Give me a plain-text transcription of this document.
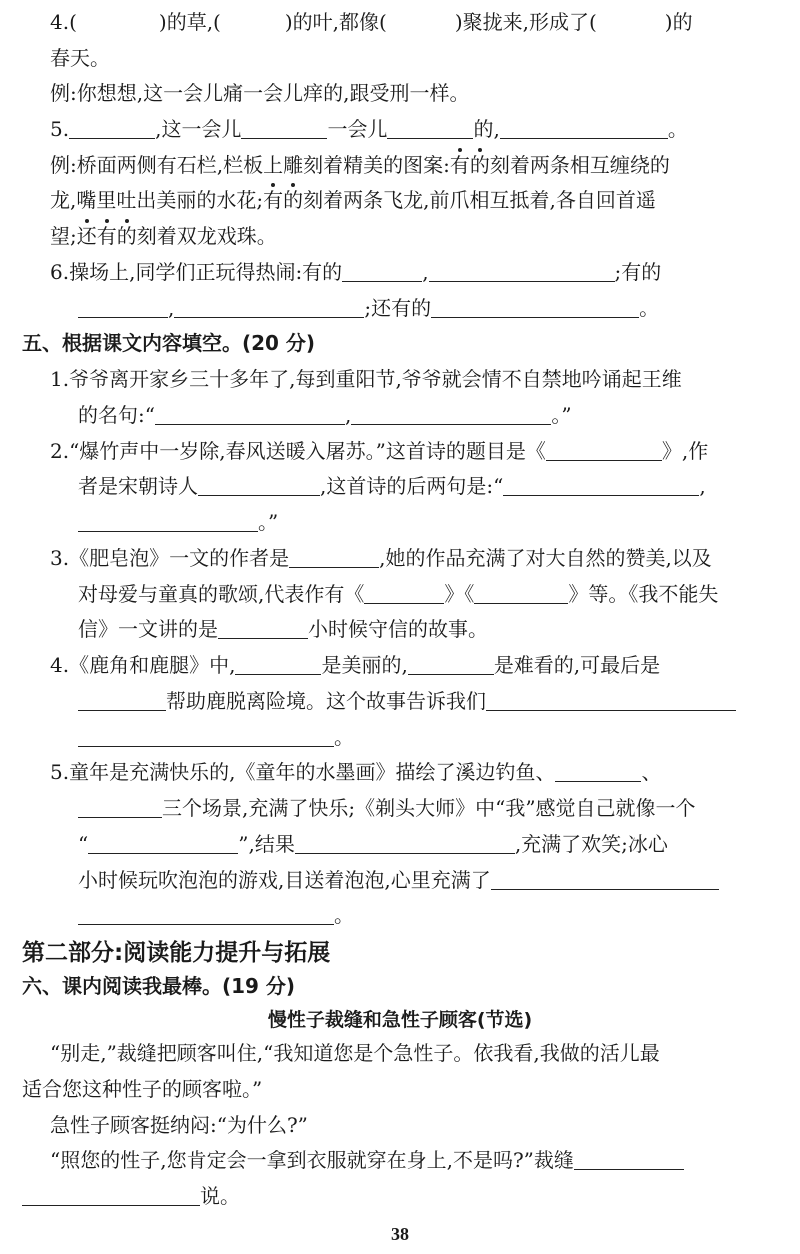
4.(	)的草,(	)的叶,都像(	)聚拢来,形成了(	)的
春天。
例:你想想,这一会儿痛一会儿痒的,跟受刑一样。
5.	,这一会儿	一会儿	的,	。
例:桥面两侧有石栏,栏板上雕刻着精美的图案:有的刻着两条相互缠绕的
龙,嘴里吐出美丽的水花;有的刻着两条飞龙,前爪相互抵着,各自回首遥
望;还有的刻着双龙戏珠。
6.操场上,同学们正玩得热闹:有的	,	;有的
,	;还有的	。
五、根据课文内容填空。(20 分)
1.爷爷离开家乡三十多年了,每到重阳节,爷爷就会情不自禁地吟诵起王维
的名句:“	,	。”
2.“爆竹声中一岁除,春风送暖入屠苏。”这首诗的题目是《	》,作
者是宋朝诗人	,这首诗的后两句是:“	,
。”
3.《肥皂泡》一文的作者是	,她的作品充满了对大自然的赞美,以及
对母爱与童真的歌颂,代表作有《	》《	》等。《我不能失
信》一文讲的是	小时候守信的故事。
4.《鹿角和鹿腿》中,	是美丽的,	是难看的,可最后是
帮助鹿脱离险境。这个故事告诉我们
。
5.童年是充满快乐的,《童年的水墨画》描绘了溪边钓鱼、	、
三个场景,充满了快乐;《剃头大师》中“我”感觉自己就像一个
“	”,结果	,充满了欢笑;冰心
小时候玩吹泡泡的游戏,目送着泡泡,心里充满了
。
第二部分:阅读能力提升与拓展
六、课内阅读我最棒。(19 分)
慢性子裁缝和急性子顾客(节选)
38
“别走,”裁缝把顾客叫住,“我知道您是个急性子。依我看,我做的活儿最
适合您这种性子的顾客啦。”
急性子顾客挺纳闷:“为什么?”
“照您的性子,您肯定会一拿到衣服就穿在身上,不是吗?”裁缝
说。
